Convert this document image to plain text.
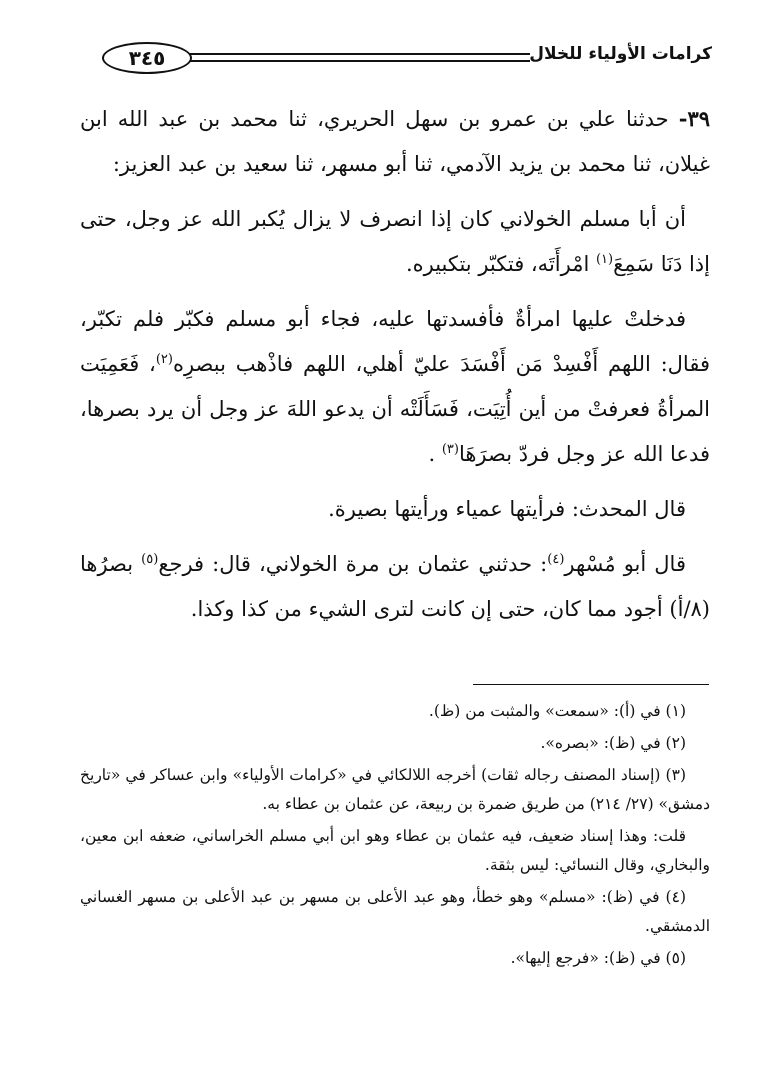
٣٤٥	كرامات الأولياء للخلال

٣٩- حدثنا علي بن عمرو بن سهل الحريري، ثنا محمد بن عبد الله ابن غيلان، ثنا محمد بن يزيد الآدمي، ثنا أبو مسهر، ثنا سعيد بن عبد العزيز:

أن أبا مسلم الخولاني كان إذا انصرف لا يزال يُكبر الله عز وجل، حتى إذا دَنَا سَمِعَ$^{(١)}$ امْرأَتَه، فتكبّر بتكبيره.

فدخلتْ عليها امرأةٌ فأفسدتها عليه، فجاء أبو مسلم فكبّر فلم تكبّر، فقال: اللهم أَفْسِدْ مَن أَفْسَدَ عليّ أهلي، اللهم فاذْهب ببصرِه$^{(٢)}$، فَعَمِيَت المرأةُ فعرفتْ من أين أُتِيَت، فَسَأَلَتْه أن يدعو اللهَ عز وجل أن يرد بصرها، فدعا الله عز وجل فردّ بصرَهَا$^{(٣)}$ .

قال المحدث: فرأيتها عمياء ورأيتها بصيرة.

قال أبو مُسْهر$^{(٤)}$: حدثني عثمان بن مرة الخولاني، قال: فرجع$^{(٥)}$ بصرُها (٨/أ) أجود مما كان، حتى إن كانت لترى الشيء من كذا وكذا.

(١) في (أ): «سمعت» والمثبت من (ظ).

(٢) في (ظ): «بصره».

(٣) (إسناد المصنف رجاله ثقات) أخرجه اللالكائي في «كرامات الأولياء» وابن عساكر في «تاريخ دمشق» (٢٧/ ٢١٤) من طريق ضمرة بن ربيعة، عن عثمان بن عطاء به.

قلت: وهذا إسناد ضعيف، فيه عثمان بن عطاء وهو ابن أبي مسلم الخراساني، ضعفه ابن معين، والبخاري، وقال النسائي: ليس بثقة.

(٤) في (ظ): «مسلم» وهو خطأ، وهو عبد الأعلى بن مسهر بن عبد الأعلى بن مسهر الغساني الدمشقي.

(٥) في (ظ): «فرجع إليها».
